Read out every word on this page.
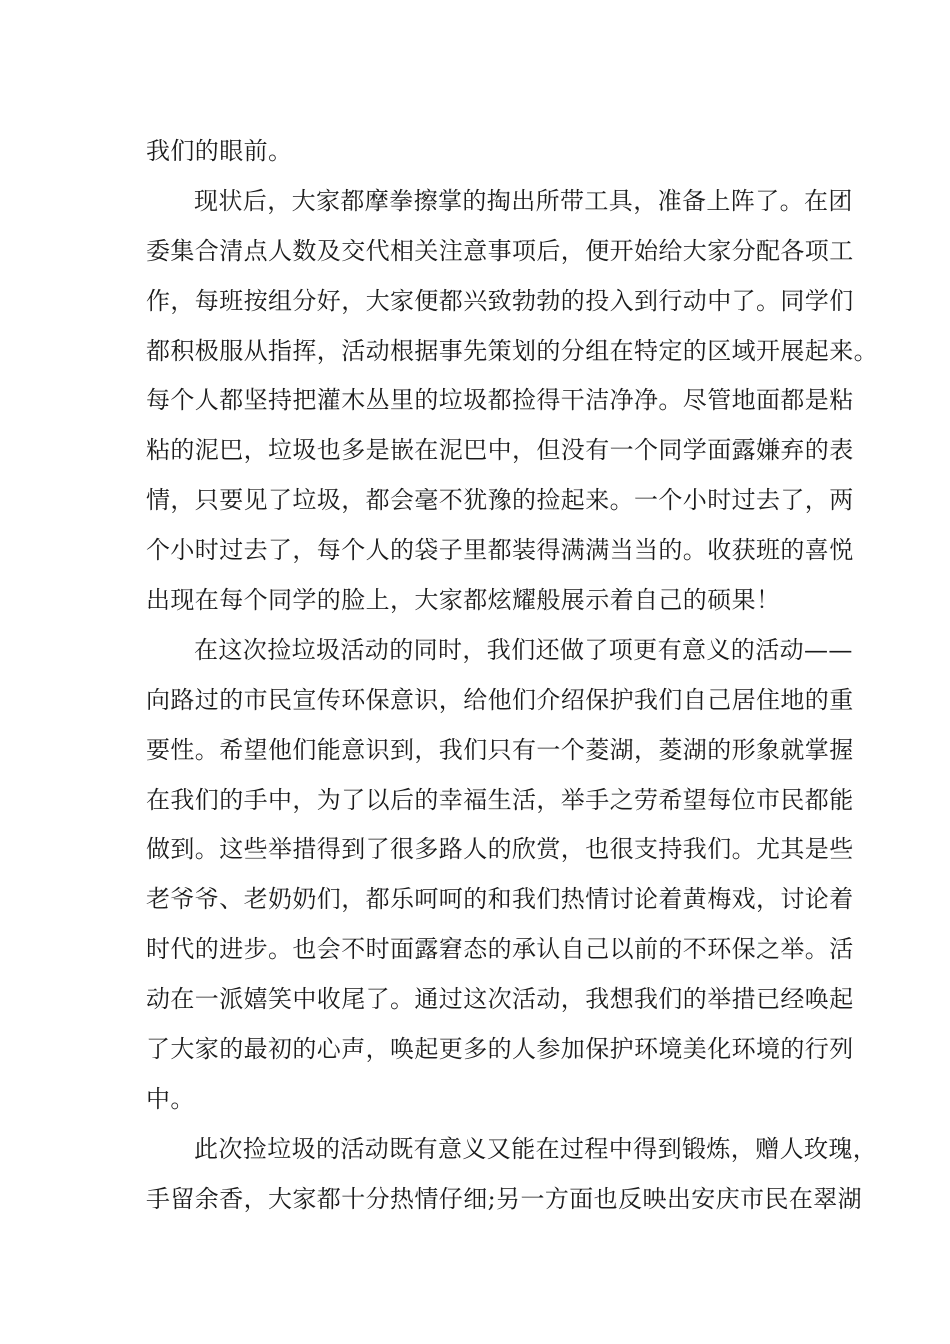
我们的眼前。
现状后，大家都摩拳擦掌的掏出所带工具，准备上阵了。在团
委集合清点人数及交代相关注意事项后，便开始给大家分配各项工
作，每班按组分好，大家便都兴致勃勃的投入到行动中了。同学们
都积极服从指挥，活动根据事先策划的分组在特定的区域开展起来。
每个人都坚持把灌木丛里的垃圾都捡得干洁净净。尽管地面都是粘
粘的泥巴，垃圾也多是嵌在泥巴中，但没有一个同学面露嫌弃的表
情，只要见了垃圾，都会毫不犹豫的捡起来。一个小时过去了，两
个小时过去了，每个人的袋子里都装得满满当当的。收获班的喜悦
出现在每个同学的脸上，大家都炫耀般展示着自己的硕果！
在这次捡垃圾活动的同时，我们还做了项更有意义的活动——
向路过的市民宣传环保意识，给他们介绍保护我们自己居住地的重
要性。希望他们能意识到，我们只有一个菱湖，菱湖的形象就掌握
在我们的手中，为了以后的幸福生活，举手之劳希望每位市民都能
做到。这些举措得到了很多路人的欣赏，也很支持我们。尤其是些
老爷爷、老奶奶们，都乐呵呵的和我们热情讨论着黄梅戏，讨论着
时代的进步。也会不时面露窘态的承认自己以前的不环保之举。活
动在一派嬉笑中收尾了。通过这次活动，我想我们的举措已经唤起
了大家的最初的心声，唤起更多的人参加保护环境美化环境的行列
中。
此次捡垃圾的活动既有意义又能在过程中得到锻炼，赠人玫瑰，
手留余香，大家都十分热情仔细;另一方面也反映出安庆市民在翠湖
